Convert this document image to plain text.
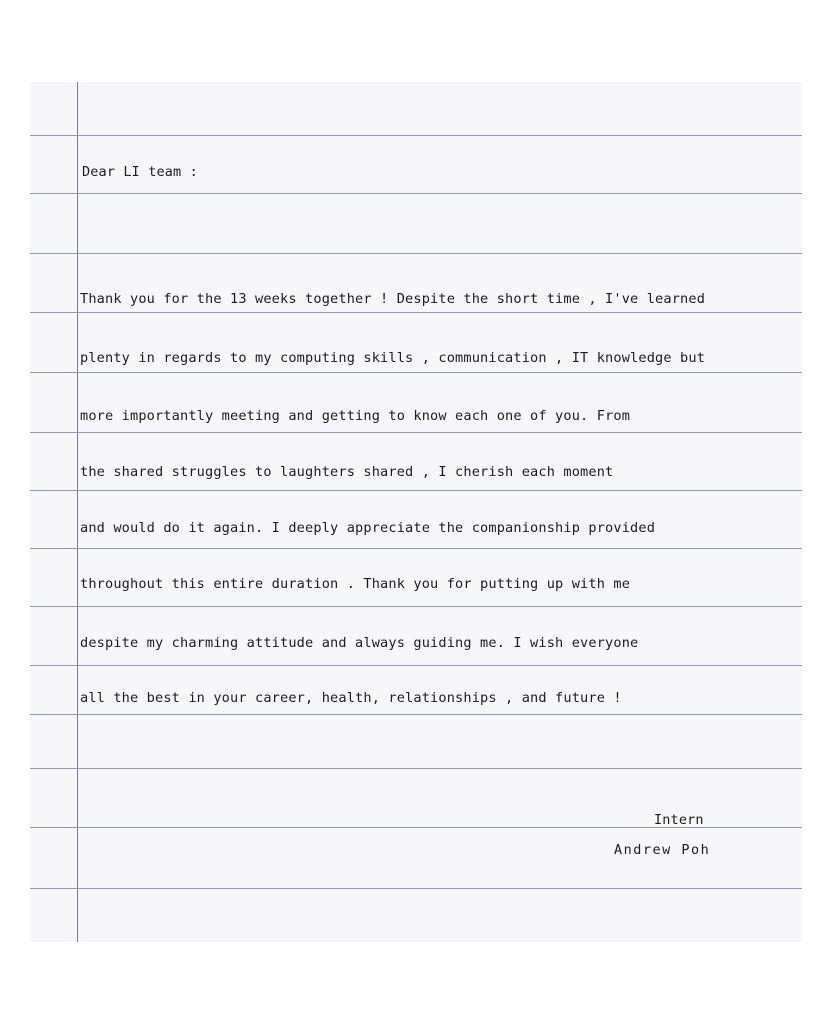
Dear LI team :
Thank you for the 13 weeks together ! Despite the short time , I've learned
plenty in regards to my computing skills , communication , IT knowledge but
more importantly meeting and getting to know each one of you. From
the shared struggles to laughters shared , I cherish each moment
and would do it again. I deeply appreciate the companionship provided
throughout this entire duration . Thank you for putting up with me
despite my charming attitude and always guiding me. I wish everyone
all the best in your career, health, relationships , and future !
Intern
Andrew Poh
